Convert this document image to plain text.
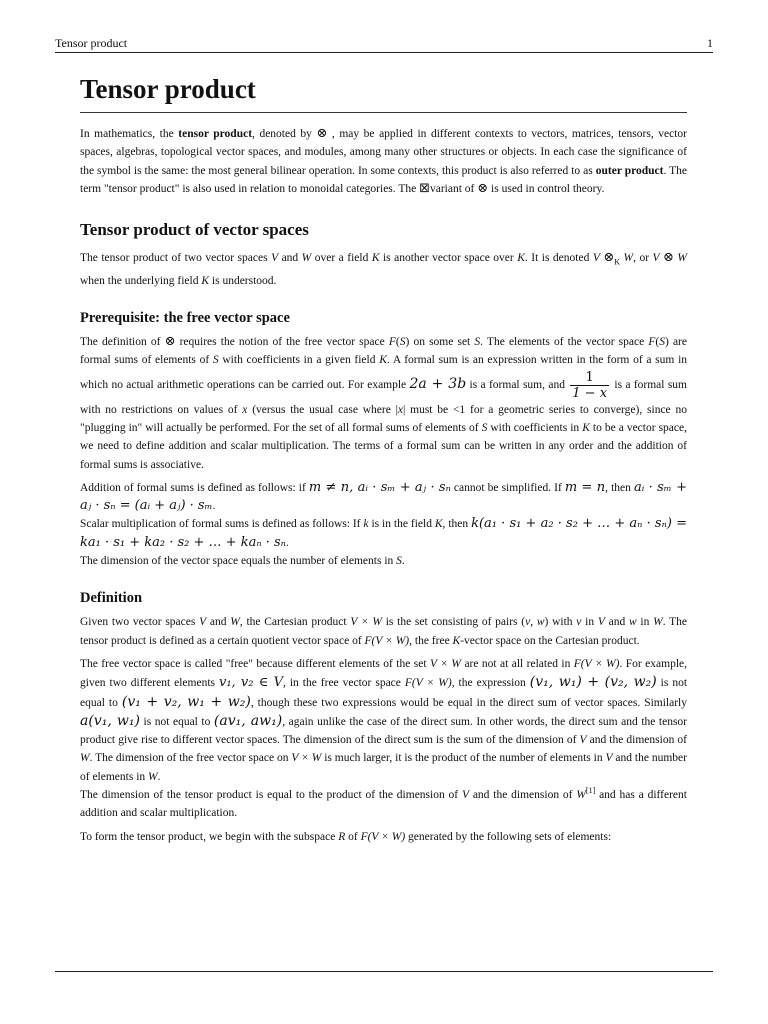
Tensor product	1
Tensor product

In mathematics, the tensor product, denoted by ⊗ , may be applied in different contexts to vectors, matrices, tensors, vector spaces, algebras, topological vector spaces, and modules, among many other structures or objects. In each case the significance of the symbol is the same: the most general bilinear operation. In some contexts, this product is also referred to as outer product. The term "tensor product" is also used in relation to monoidal categories. The ⊠variant of ⊗ is used in control theory.

Tensor product of vector spaces

The tensor product of two vector spaces V and W over a field K is another vector space over K. It is denoted V $\otimes_K$ W, or V ⊗ W when the underlying field K is understood.

Prerequisite: the free vector space

The definition of ⊗ requires the notion of the free vector space F(S) on some set S. The elements of the vector space F(S) are formal sums of elements of S with coefficients in a given field K. A formal sum is an expression written in the form of a sum in which no actual arithmetic operations can be carried out. For example 2a + 3b is a formal sum, and $\frac{1}{1 - x}$ is a formal sum with no restrictions on values of x (versus the usual case where |x| must be <1 for a geometric series to converge), since no "plugging in" will actually be performed. For the set of all formal sums of elements of S with coefficients in K to be a vector space, we need to define addition and scalar multiplication. The terms of a formal sum can be written in any order and the addition of formal sums is associative.

Addition of formal sums is defined as follows: if m ≠ n, aᵢ · sₘ + aⱼ · sₙ cannot be simplified. If m = n, then aᵢ · sₘ + aⱼ · sₙ = (aᵢ + aⱼ) · sₘ.
Scalar multiplication of formal sums is defined as follows: If k is in the field K, then k(a₁ · s₁ + a₂ · s₂ + … + aₙ · sₙ) = ka₁ · s₁ + ka₂ · s₂ + … + kaₙ · sₙ.
The dimension of the vector space equals the number of elements in S.

Definition

Given two vector spaces V and W, the Cartesian product V × W is the set consisting of pairs (v, w) with v in V and w in W. The tensor product is defined as a certain quotient vector space of F(V × W), the free K-vector space on the Cartesian product.

The free vector space is called "free" because different elements of the set V × W are not at all related in F(V × W). For example, given two different elements v₁, v₂ ∈ V, in the free vector space F(V × W), the expression (v₁, w₁) + (v₂, w₂) is not equal to (v₁ + v₂, w₁ + w₂), though these two expressions would be equal in the direct sum of vector spaces. Similarly a(v₁, w₁) is not equal to (av₁, aw₁), again unlike the case of the direct sum. In other words, the direct sum and the tensor product give rise to different vector spaces. The dimension of the direct sum is the sum of the dimension of V and the dimension of W. The dimension of the free vector space on V × W is much larger, it is the product of the number of elements in V and the number of elements in W.
The dimension of the tensor product is equal to the product of the dimension of V and the dimension of W[1] and has a different addition and scalar multiplication.

To form the tensor product, we begin with the subspace R of F(V × W) generated by the following sets of elements:
